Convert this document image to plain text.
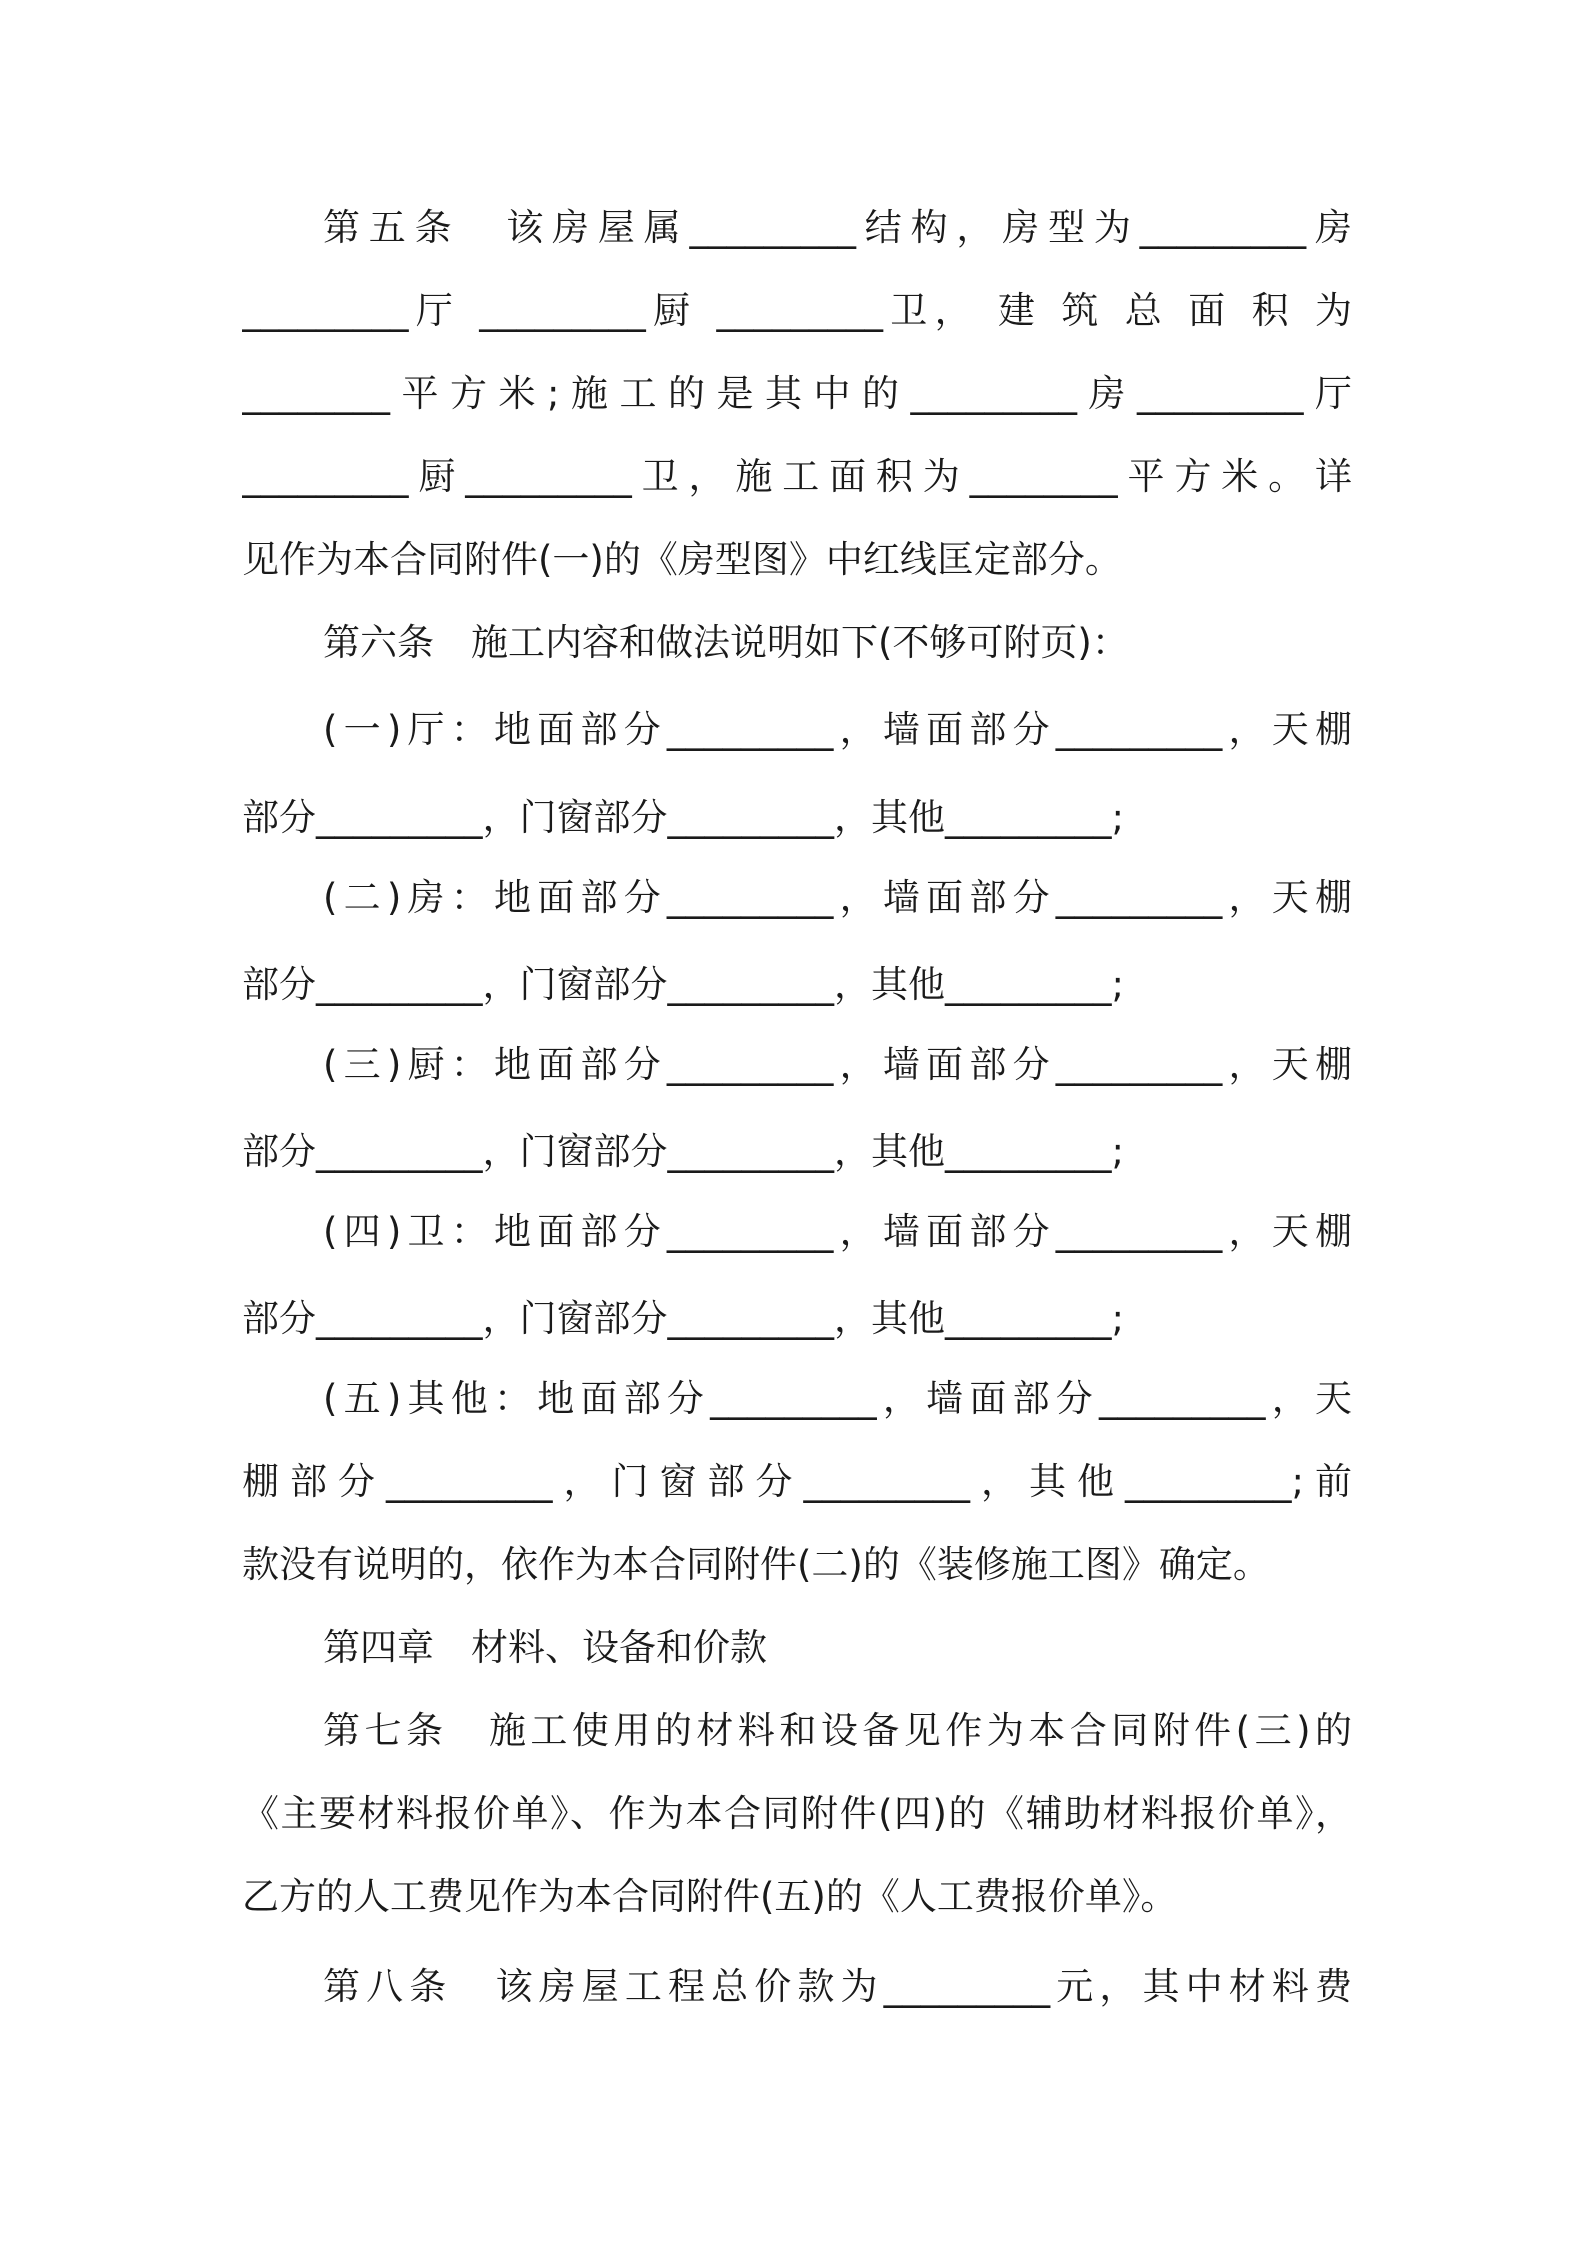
第五条　该房屋属_________结构，房型为_________房
_________厅 _________厨 _________卫， 建 筑 总 面 积 为
________平方米;施工的是其中的_________房_________厅
_________厨_________卫，施工面积为________平方米。详
见作为本合同附件(一)的《房型图》中红线匡定部分。
第六条　施工内容和做法说明如下(不够可附页)：
(一)厅：地面部分_________，墙面部分_________，天棚
部分_________，门窗部分_________，其他_________;
(二)房：地面部分_________，墙面部分_________，天棚
部分_________，门窗部分_________，其他_________;
(三)厨：地面部分_________，墙面部分_________，天棚
部分_________，门窗部分_________，其他_________;
(四)卫：地面部分_________，墙面部分_________，天棚
部分_________，门窗部分_________，其他_________;
(五)其他：地面部分_________，墙面部分_________，天
棚部分_________，门窗部分_________，其他_________;前
款没有说明的，依作为本合同附件(二)的《装修施工图》确定。
第四章　材料、设备和价款
第七条　施工使用的材料和设备见作为本合同附件(三)的
《主要材料报价单》、作为本合同附件(四)的《辅助材料报价单》，
乙方的人工费见作为本合同附件(五)的《人工费报价单》。
第八条　该房屋工程总价款为_________元，其中材料费
